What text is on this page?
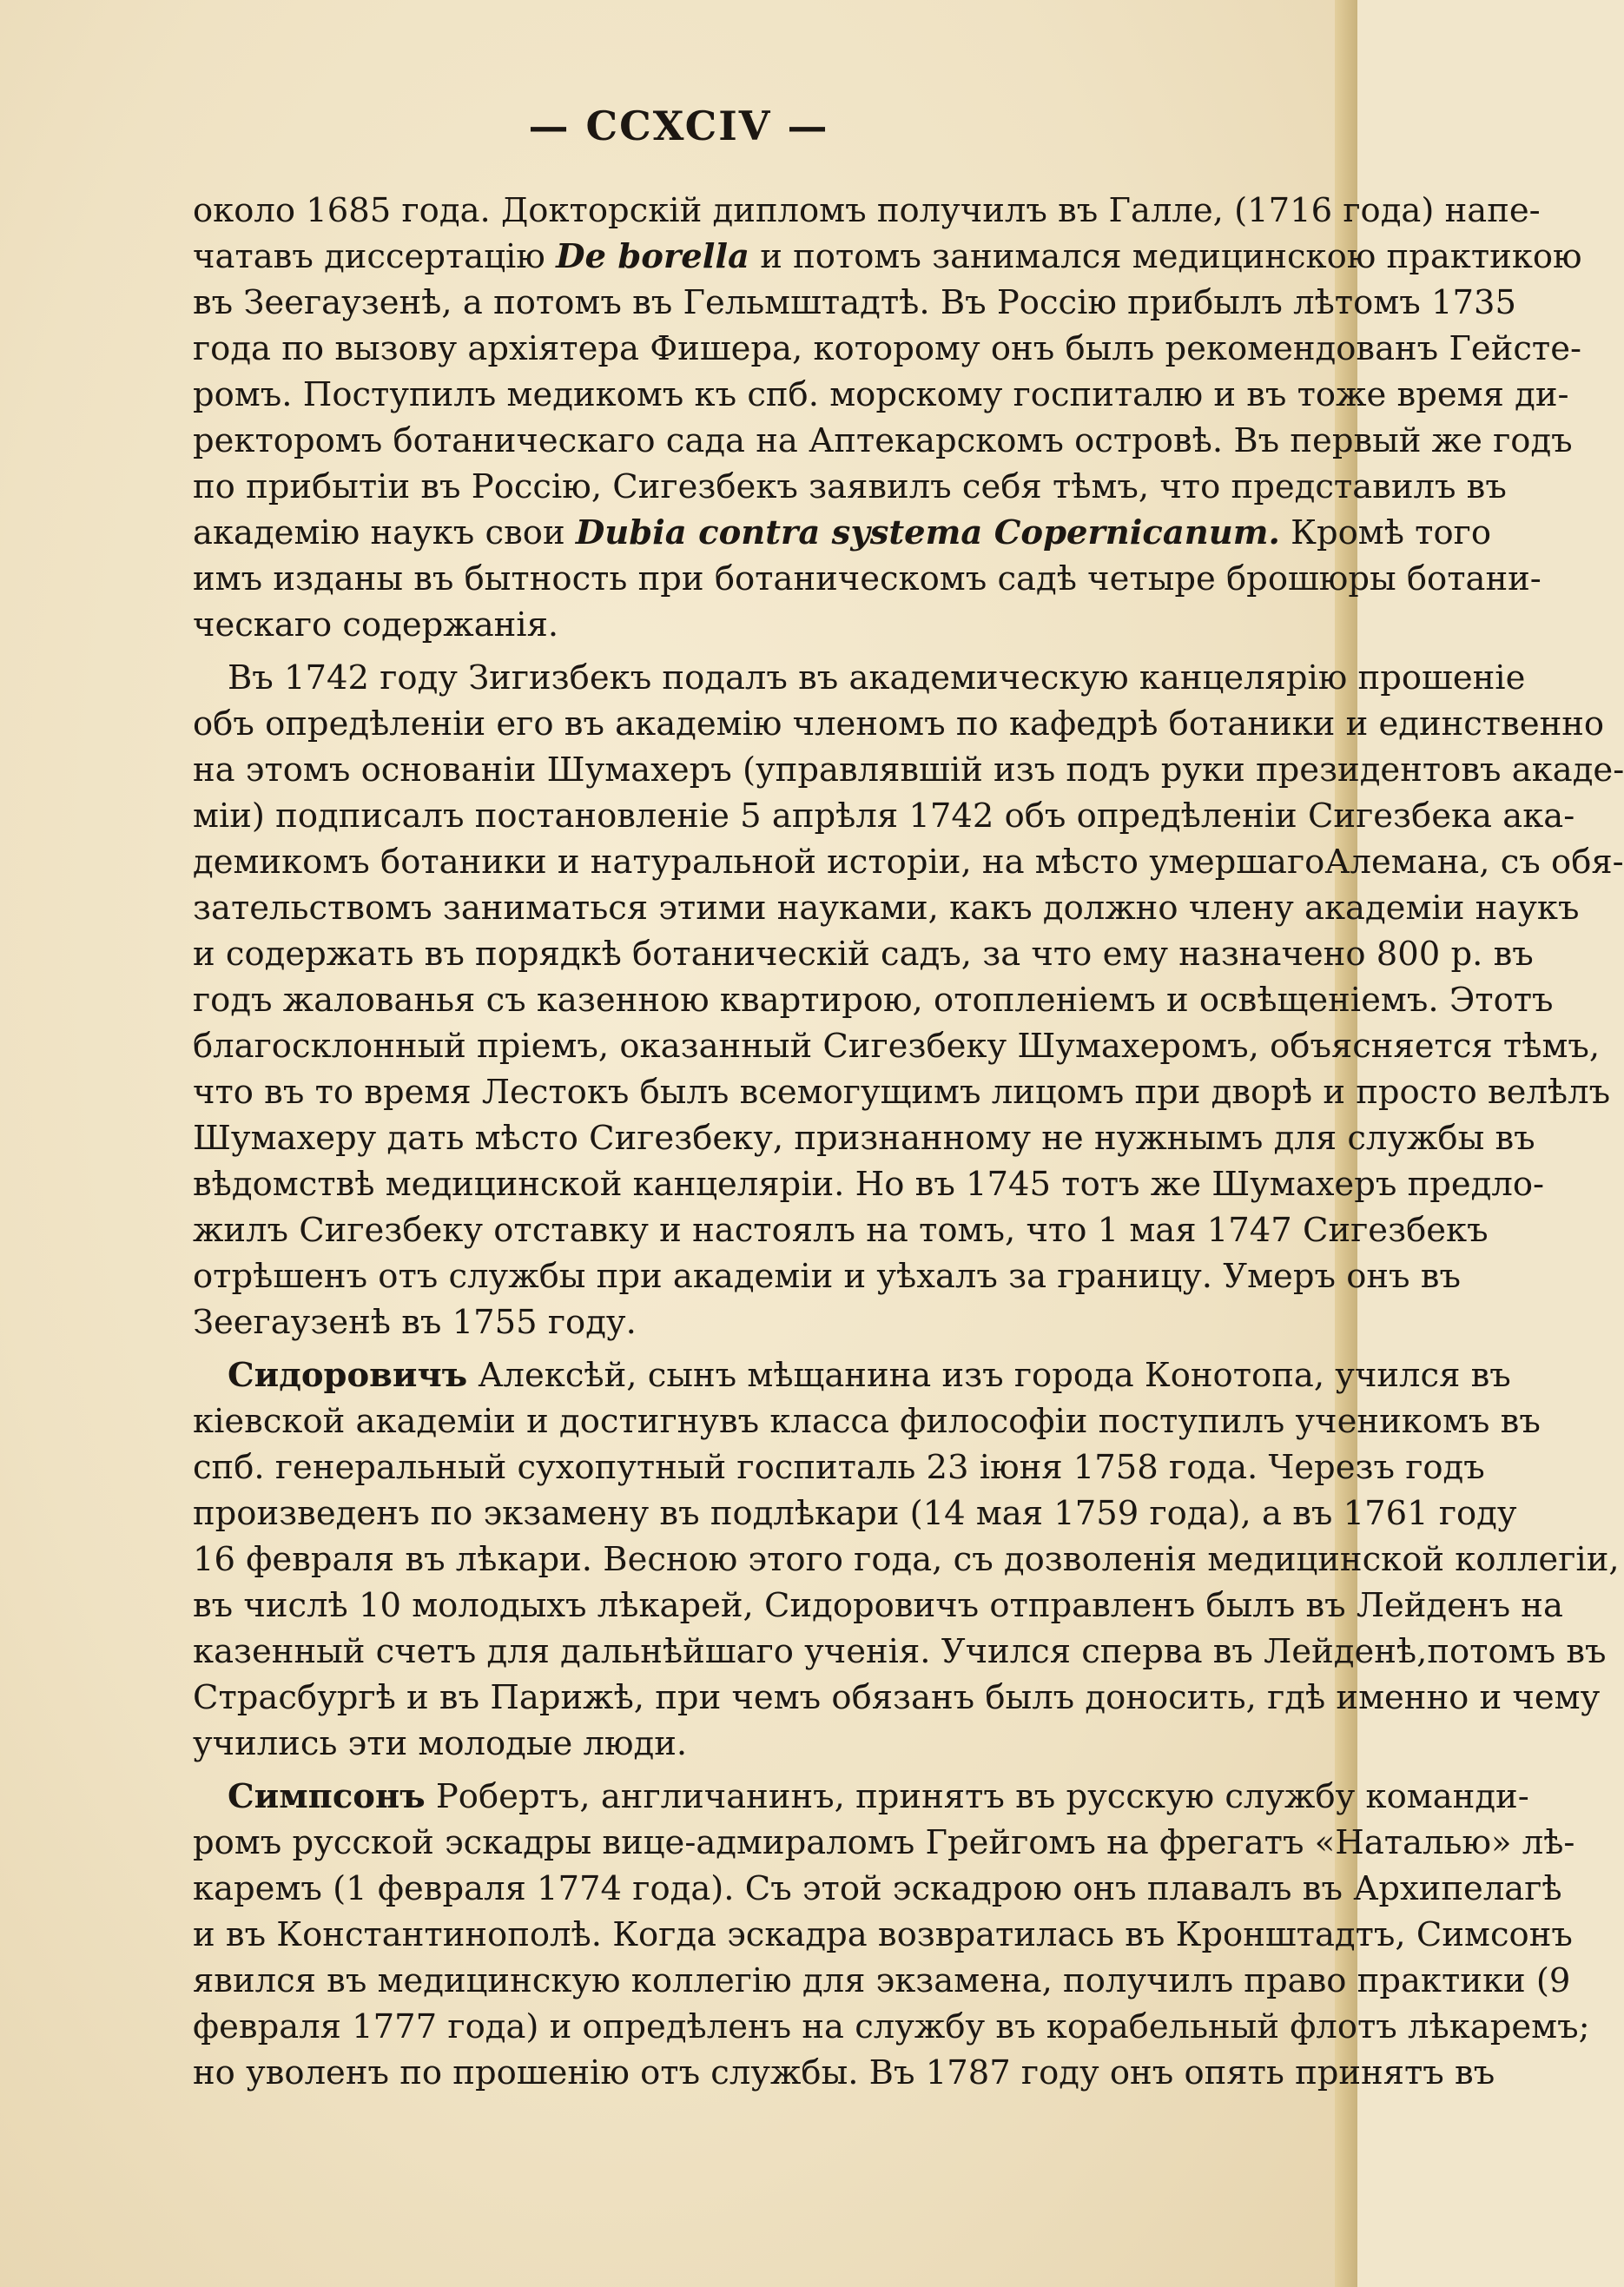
— CCXCIV —
около 1685 года. Докторскій дипломъ получилъ въ Галле, (1716 года) напе-
чатавъ диссертацію De borella и потомъ занимался медицинскою практикою
въ Зеегаузенѣ, а потомъ въ Гельмштадтѣ. Въ Россію прибылъ лѣтомъ 1735
года по вызову архіятера Фишера, которому онъ былъ рекомендованъ Гейсте-
ромъ. Поступилъ медикомъ къ спб. морскому госпиталю и въ тоже время ди-
ректоромъ ботаническаго сада на Аптекарскомъ островѣ. Въ первый же годъ
по прибытіи въ Россію, Сигезбекъ заявилъ себя тѣмъ, что представилъ въ
академію наукъ свои Dubia contra systema Copernicanum. Кромѣ того
имъ изданы въ бытность при ботаническомъ садѣ четыре брошюры ботани-
ческаго содержанія.
Въ 1742 году Зигизбекъ подалъ въ академическую канцелярію прошеніе
объ опредѣленіи его въ академію членомъ по кафедрѣ ботаники и единственно
на этомъ основаніи Шумахеръ (управлявшій изъ подъ руки президентовъ акаде-
міи) подписалъ постановленіе 5 апрѣля 1742 объ опредѣленіи Сигезбека ака-
демикомъ ботаники и натуральной исторіи, на мѣсто умершагоАлемана, съ обя-
зательствомъ заниматься этими науками, какъ должно члену академіи наукъ
и содержать въ порядкѣ ботаническій садъ, за что ему назначено 800 р. въ
годъ жалованья съ казенною квартирою, отопленіемъ и освѣщеніемъ. Этотъ
благосклонный пріемъ, оказанный Сигезбеку Шумахеромъ, объясняется тѣмъ,
что въ то время Лестокъ былъ всемогущимъ лицомъ при дворѣ и просто велѣлъ
Шумахеру дать мѣсто Сигезбеку, признанному не нужнымъ для службы въ
вѣдомствѣ медицинской канцеляріи. Но въ 1745 тотъ же Шумахеръ предло-
жилъ Сигезбеку отставку и настоялъ на томъ, что 1 мая 1747 Сигезбекъ
отрѣшенъ отъ службы при академіи и уѣхалъ за границу. Умеръ онъ въ
Зеегаузенѣ въ 1755 году.
Сидоровичъ Алексѣй, сынъ мѣщанина изъ города Конотопа, учился въ
кіевской академіи и достигнувъ класса философіи поступилъ ученикомъ въ
спб. генеральный сухопутный госпиталь 23 іюня 1758 года. Черезъ годъ
произведенъ по экзамену въ подлѣкари (14 мая 1759 года), а въ 1761 году
16 февраля въ лѣкари. Весною этого года, съ дозволенія медицинской коллегіи,
въ числѣ 10 молодыхъ лѣкарей, Сидоровичъ отправленъ былъ въ Лейденъ на
казенный счетъ для дальнѣйшаго ученія. Учился сперва въ Лейденѣ,потомъ въ
Страсбургѣ и въ Парижѣ, при чемъ обязанъ былъ доносить, гдѣ именно и чему
учились эти молодые люди.
Симпсонъ Робертъ, англичанинъ, принятъ въ русскую службу команди-
ромъ русской эскадры вице-адмираломъ Грейгомъ на фрегатъ «Наталью» лѣ-
каремъ (1 февраля 1774 года). Съ этой эскадрою онъ плавалъ въ Архипелагѣ
и въ Константинополѣ. Когда эскадра возвратилась въ Кронштадтъ, Симсонъ
явился въ медицинскую коллегію для экзамена, получилъ право практики (9
февраля 1777 года) и опредѣленъ на службу въ корабельный флотъ лѣкаремъ;
но уволенъ по прошенію отъ службы. Въ 1787 году онъ опять принятъ въ
